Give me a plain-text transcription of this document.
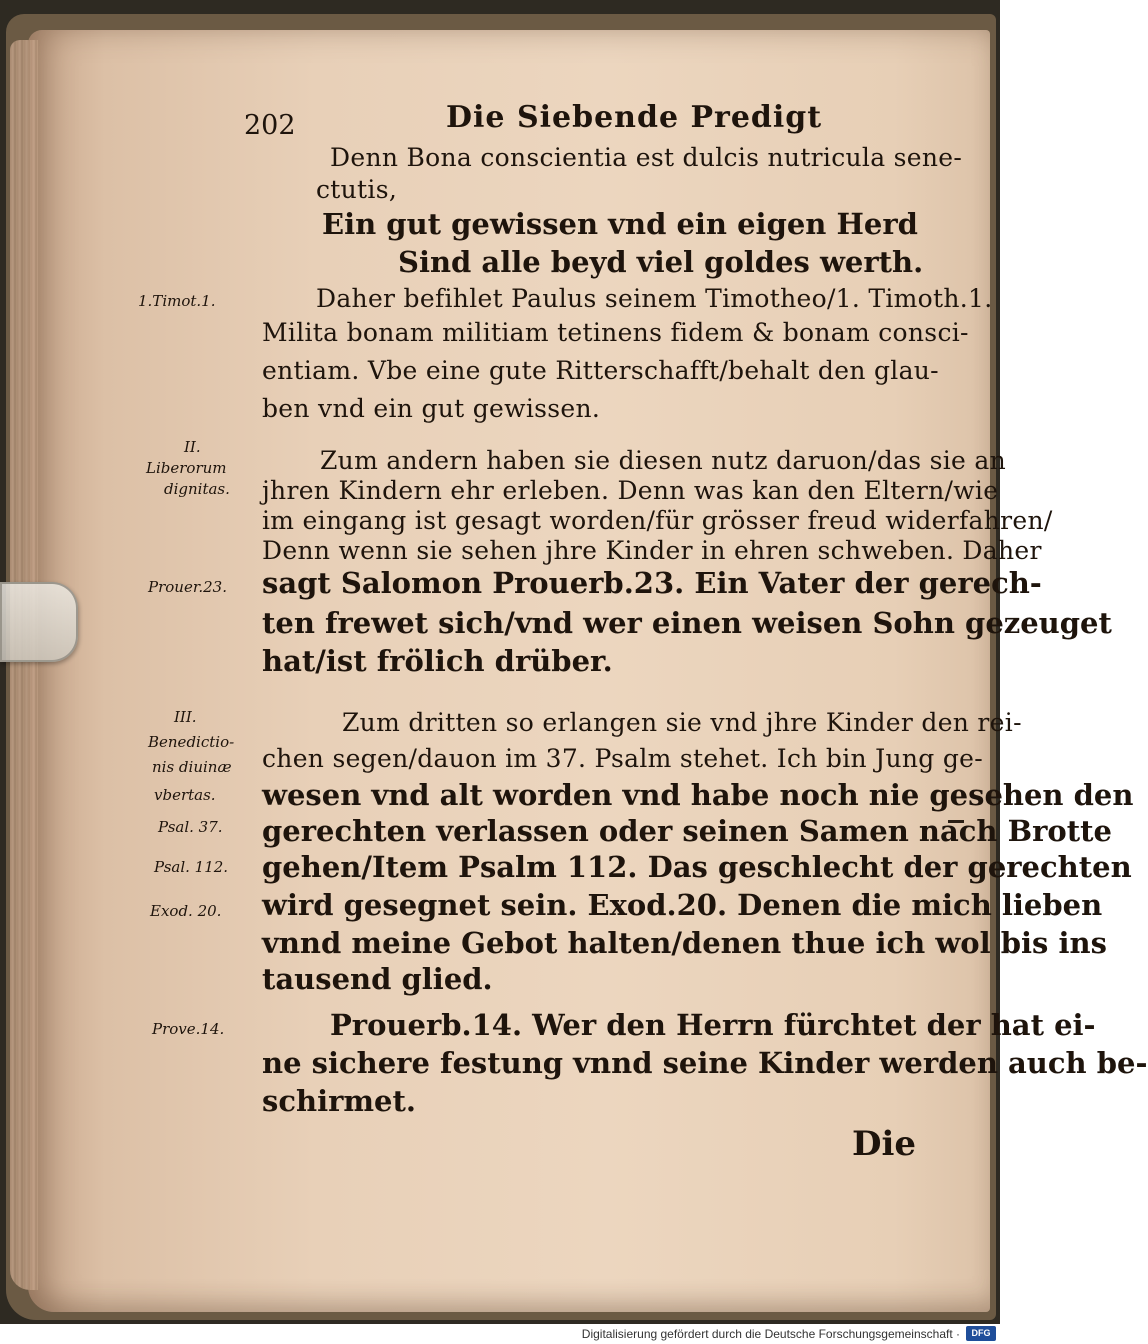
202	Die Siebende Predigt
Denn Bona conscientia est dulcis nutricula sene-
ctutis,
Ein gut gewissen vnd ein eigen Herd
Sind alle beyd viel goldes werth.
1.Timot.1.	Daher befihlet Paulus seinem Timotheo/1. Timoth.1.
Milita bonam militiam tetinens fidem & bonam consci-
entiam. Vbe eine gute Ritterschafft/behalt den glau-
ben vnd ein gut gewissen.
II.
Liberorum
dignitas.
Zum andern haben sie diesen nutz daruon/das sie an
jhren Kindern ehr erleben. Denn was kan den Eltern/wie
im eingang ist gesagt worden/für grösser freud widerfahren/
Denn wenn sie sehen jhre Kinder in ehren schweben. Daher
Prouer.23. sagt Salomon Prouerb.23. Ein Vater der gerech-
ten frewet sich/vnd wer einen weisen Sohn gezeuget
hat/ist frölich drüber.
III.
Benedictio-
nis diuinæ
vbertas.
Psal. 37.
Psal. 112.
Exod. 20.
Zum dritten so erlangen sie vnd jhre Kinder den rei-
chen segen/dauon im 37. Psalm stehet. Ich bin Jung ge-
wesen vnd alt worden vnd habe noch nie gesehen den
gerechten verlassen oder seinen Samen nach Brotte
gehen/Item Psalm 112. Das geschlecht der gerechten
wird gesegnet sein. Exod.20. Denen die mich lieben
vnnd meine Gebot halten/denen thue ich wol bis ins
tausend glied.
Prove.14.	Prouerb.14. Wer den Herrn fürchtet der hat ei-
ne sichere festung vnnd seine Kinder werden auch be-
schirmet.
Die
Digitalisierung gefördert durch die Deutsche Forschungsgemeinschaft ·	DFG
